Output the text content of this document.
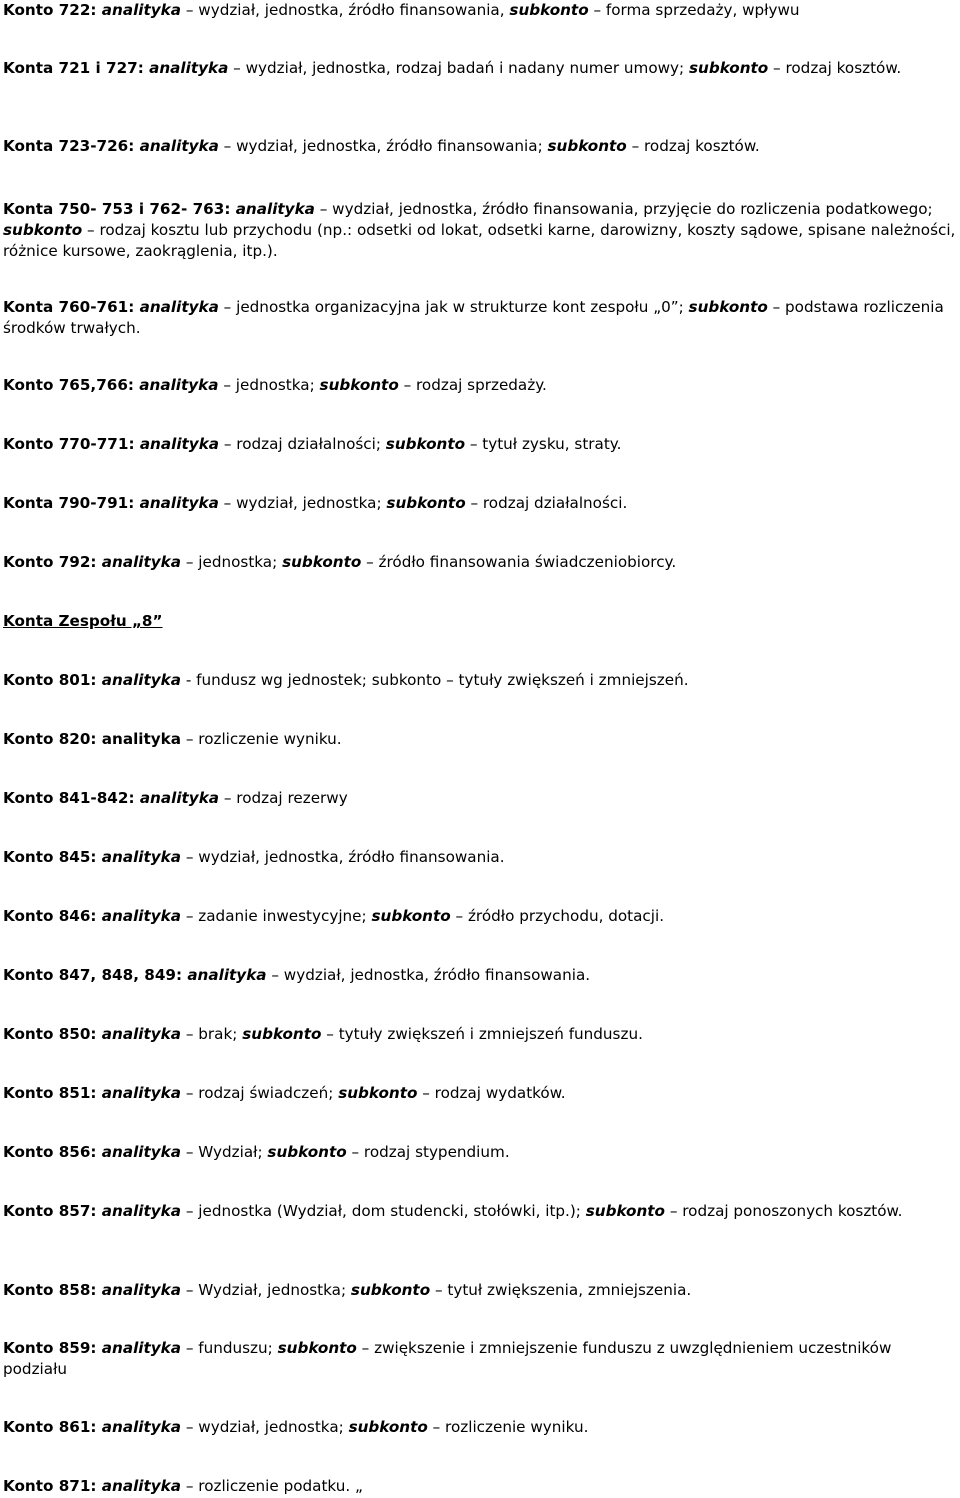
Konto 722: analityka – wydział, jednostka, źródło finansowania, subkonto – forma sprzedaży, wpływu

Konta 721 i 727: analityka – wydział, jednostka, rodzaj badań i nadany numer umowy; subkonto – rodzaj kosztów.

Konta 723-726: analityka – wydział, jednostka, źródło finansowania; subkonto – rodzaj kosztów.

Konta 750- 753 i 762- 763: analityka – wydział, jednostka, źródło finansowania, przyjęcie do rozliczenia podatkowego; subkonto – rodzaj kosztu lub przychodu (np.: odsetki od lokat, odsetki karne, darowizny, koszty sądowe, spisane należności, różnice kursowe, zaokrąglenia, itp.).

Konta 760-761: analityka – jednostka organizacyjna jak w strukturze kont zespołu „0”; subkonto – podstawa rozliczenia środków trwałych.

Konto 765,766: analityka – jednostka; subkonto – rodzaj sprzedaży.

Konto 770-771: analityka – rodzaj działalności; subkonto – tytuł zysku, straty.

Konta 790-791: analityka – wydział, jednostka; subkonto – rodzaj działalności.

Konto 792: analityka – jednostka; subkonto – źródło finansowania świadczeniobiorcy.

Konta Zespołu „8”

Konto 801: analityka - fundusz wg jednostek; subkonto – tytuły zwiększeń i zmniejszeń.

Konto 820: analityka – rozliczenie wyniku.

Konto 841-842: analityka – rodzaj rezerwy

Konto 845: analityka – wydział, jednostka, źródło finansowania.

Konto 846: analityka – zadanie inwestycyjne; subkonto – źródło przychodu, dotacji.

Konto 847, 848, 849: analityka – wydział, jednostka, źródło finansowania.

Konto 850: analityka – brak; subkonto – tytuły zwiększeń i zmniejszeń funduszu.

Konto 851: analityka – rodzaj świadczeń; subkonto – rodzaj wydatków.

Konto 856: analityka – Wydział; subkonto – rodzaj stypendium.

Konto 857: analityka – jednostka (Wydział, dom studencki, stołówki, itp.); subkonto – rodzaj ponoszonych kosztów.

Konto 858: analityka – Wydział, jednostka; subkonto – tytuł zwiększenia, zmniejszenia.

Konto 859: analityka – funduszu; subkonto – zwiększenie i zmniejszenie funduszu z uwzględnieniem uczestników podziału

Konto 861: analityka – wydział, jednostka; subkonto – rozliczenie wyniku.

Konto 871: analityka – rozliczenie podatku. „
